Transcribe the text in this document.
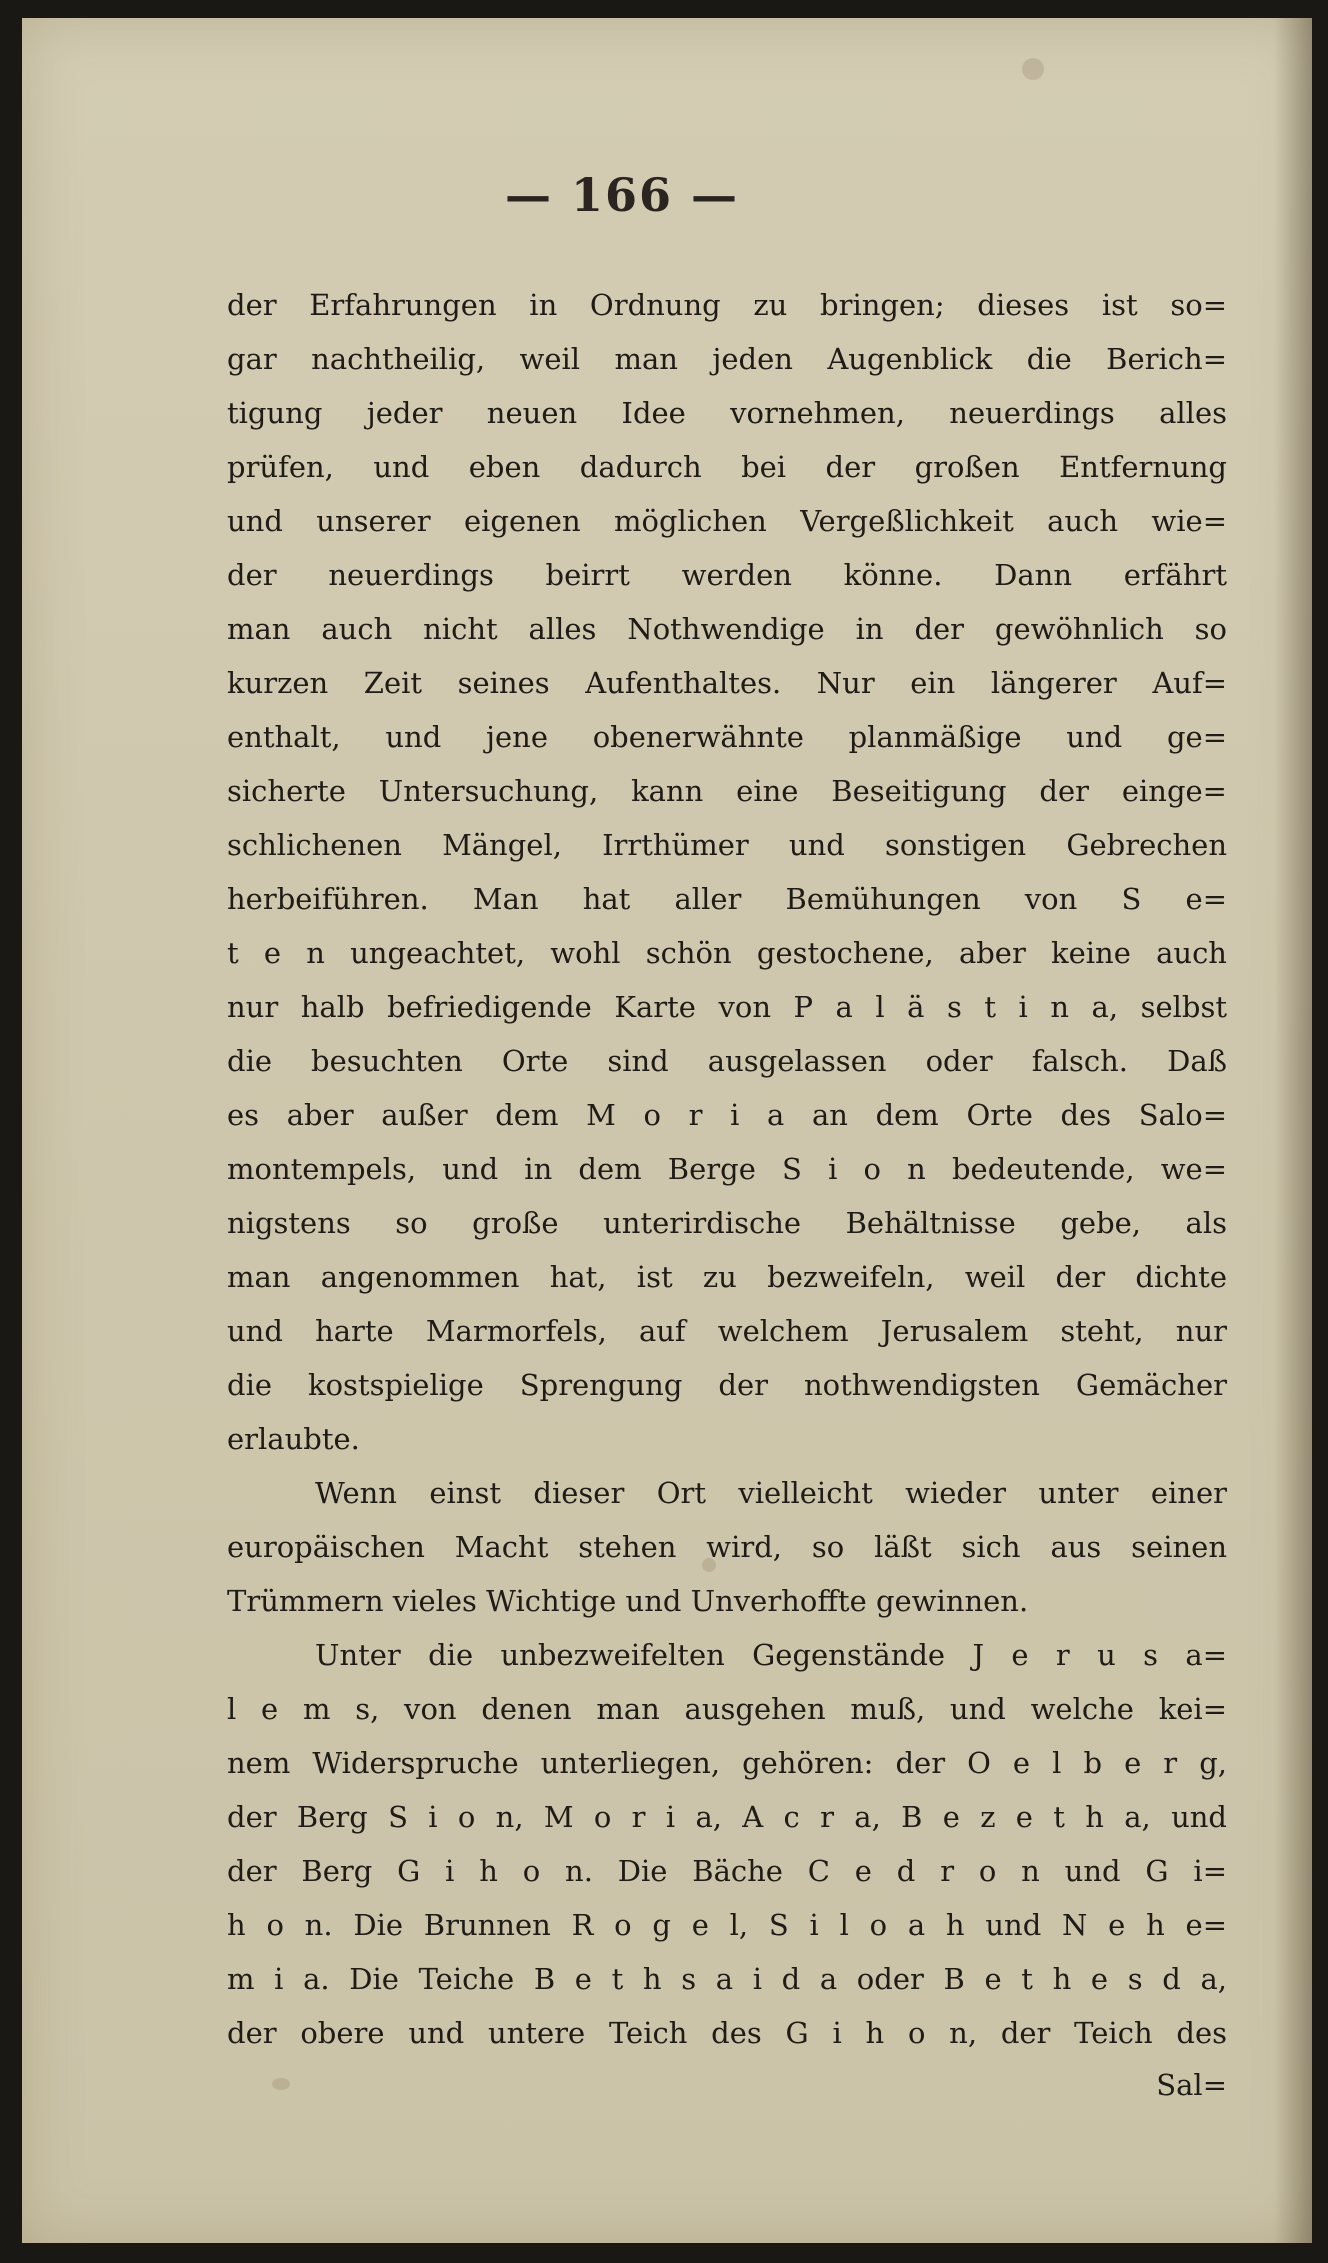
— 166 —
der Erfahrungen in Ordnung zu bringen; dieses ist so=
gar nachtheilig, weil man jeden Augenblick die Berich=
tigung jeder neuen Idee vornehmen, neuerdings alles
prüfen, und eben dadurch bei der großen Entfernung
und unserer eigenen möglichen Vergeßlichkeit auch wie=
der neuerdings beirrt werden könne. Dann erfährt
man auch nicht alles Nothwendige in der gewöhnlich so
kurzen Zeit seines Aufenthaltes. Nur ein längerer Auf=
enthalt, und jene obenerwähnte planmäßige und ge=
sicherte Untersuchung, kann eine Beseitigung der einge=
schlichenen Mängel, Irrthümer und sonstigen Gebrechen
herbeiführen. Man hat aller Bemühungen von S e=
t e n ungeachtet, wohl schön gestochene, aber keine auch
nur halb befriedigende Karte von P a l ä s t i n a, selbst
die besuchten Orte sind ausgelassen oder falsch. Daß
es aber außer dem M o r i a an dem Orte des Salo=
montempels, und in dem Berge S i o n bedeutende, we=
nigstens so große unterirdische Behältnisse gebe, als
man angenommen hat, ist zu bezweifeln, weil der dichte
und harte Marmorfels, auf welchem Jerusalem steht, nur
die kostspielige Sprengung der nothwendigsten Gemächer
erlaubte.
Wenn einst dieser Ort vielleicht wieder unter einer
europäischen Macht stehen wird, so läßt sich aus seinen
Trümmern vieles Wichtige und Unverhoffte gewinnen.
Unter die unbezweifelten Gegenstände J e r u s a=
l e m s, von denen man ausgehen muß, und welche kei=
nem Widerspruche unterliegen, gehören: der O e l b e r g,
der Berg S i o n, M o r i a, A c r a, B e z e t h a, und
der Berg G i h o n. Die Bäche C e d r o n und G i=
h o n. Die Brunnen R o g e l, S i l o a h und N e h e=
m i a. Die Teiche B e t h s a i d a oder B e t h e s d a,
der obere und untere Teich des G i h o n, der Teich des
Sal=
